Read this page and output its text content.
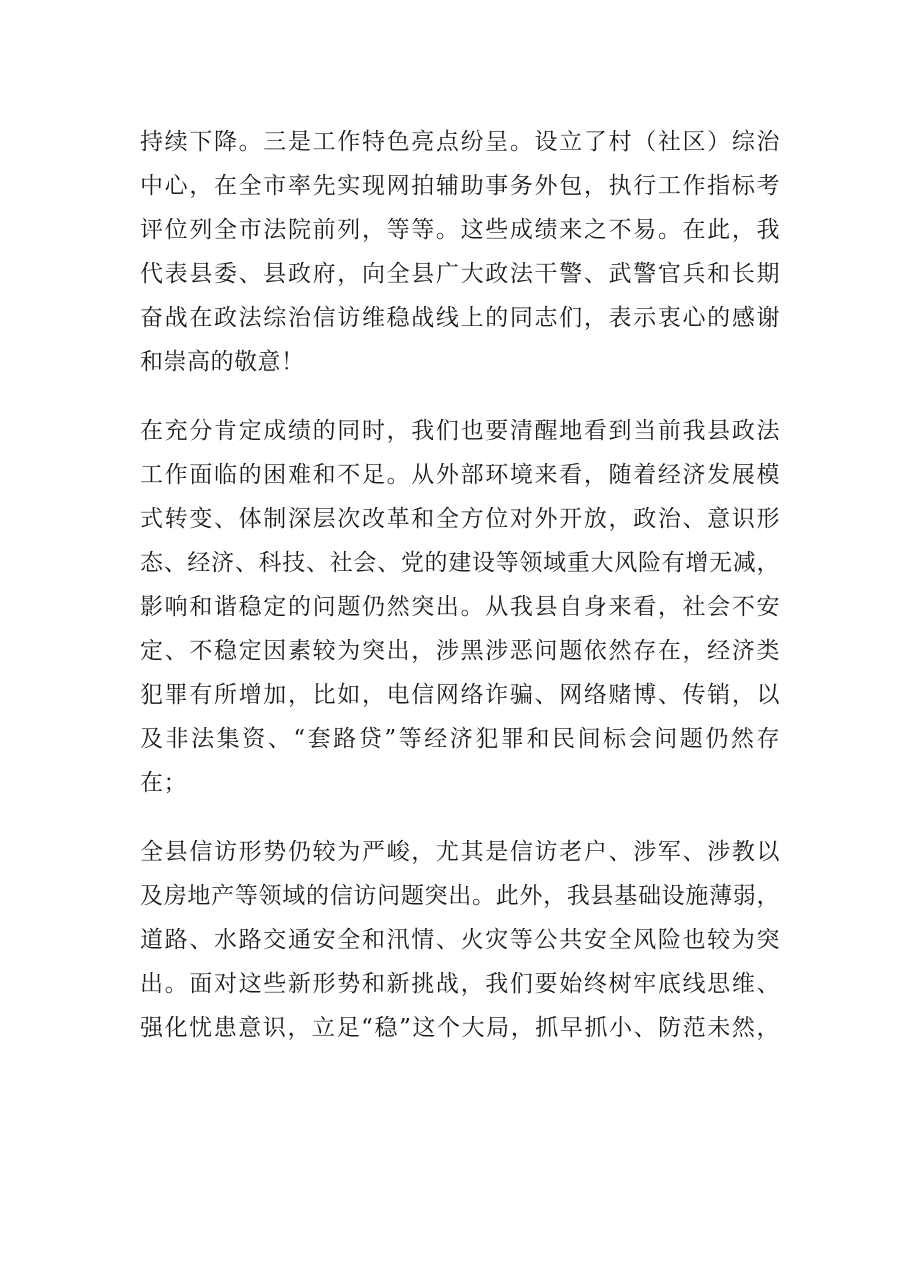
持续下降。三是工作特色亮点纷呈。设立了村（社区）综治
中心，在全市率先实现网拍辅助事务外包，执行工作指标考
评位列全市法院前列，等等。这些成绩来之不易。在此，我
代表县委、县政府，向全县广大政法干警、武警官兵和长期
奋战在政法综治信访维稳战线上的同志们，表示衷心的感谢
和崇高的敬意！
在充分肯定成绩的同时，我们也要清醒地看到当前我县政法
工作面临的困难和不足。从外部环境来看，随着经济发展模
式转变、体制深层次改革和全方位对外开放，政治、意识形
态、经济、科技、社会、党的建设等领域重大风险有增无减，
影响和谐稳定的问题仍然突出。从我县自身来看，社会不安
定、不稳定因素较为突出，涉黑涉恶问题依然存在，经济类
犯罪有所增加，比如，电信网络诈骗、网络赌博、传销，以
及非法集资、“套路贷”等经济犯罪和民间标会问题仍然存
在；
全县信访形势仍较为严峻，尤其是信访老户、涉军、涉教以
及房地产等领域的信访问题突出。此外，我县基础设施薄弱，
道路、水路交通安全和汛情、火灾等公共安全风险也较为突
出。面对这些新形势和新挑战，我们要始终树牢底线思维、
强化忧患意识，立足“稳”这个大局，抓早抓小、防范未然，
